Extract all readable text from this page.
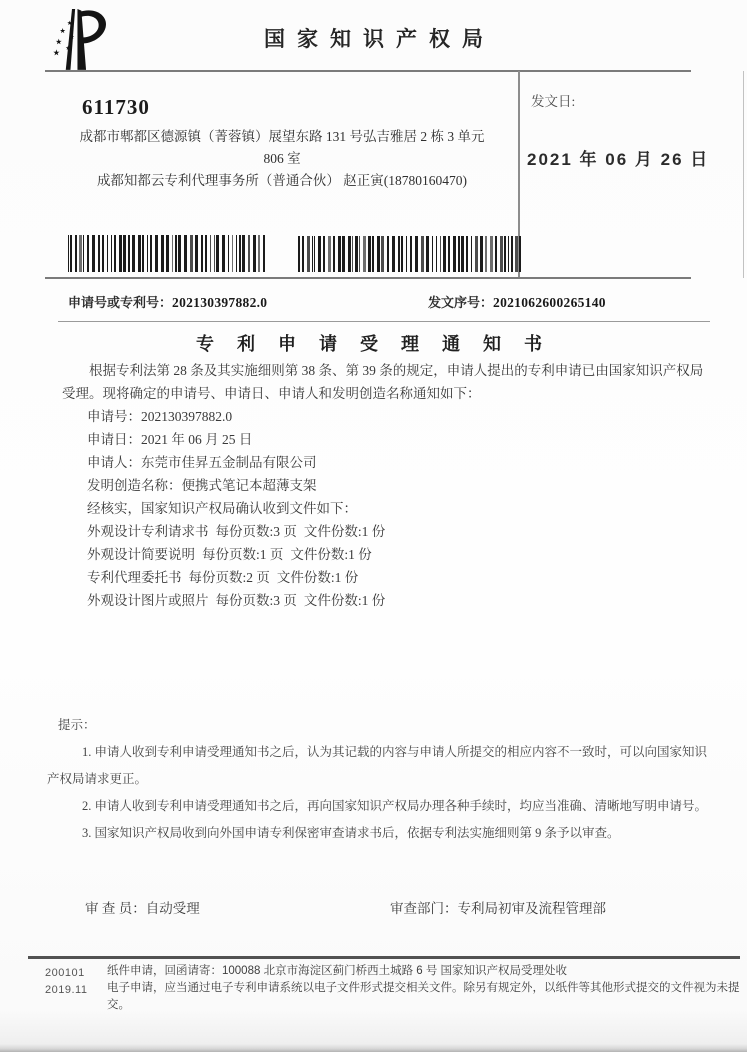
国家知识产权局
611730
成都市郫都区德源镇（菁蓉镇）展望东路 131 号弘吉雅居 2 栋 3 单元
806 室
成都知都云专利代理事务所（普通合伙） 赵正寅(18780160470)
发文日:
2021 年 06 月 26 日
申请号或专利号：202130397882.0	发文序号：2021062600265140
专 利 申 请 受 理 通 知 书

根据专利法第 28 条及其实施细则第 38 条、第 39 条的规定，申请人提出的专利申请已由国家知识产权局受理。现将确定的申请号、申请日、申请人和发明创造名称通知如下：

申请号：202130397882.0
申请日：2021 年 06 月 25 日
申请人：东莞市佳昇五金制品有限公司
发明创造名称：便携式笔记本超薄支架
经核实，国家知识产权局确认收到文件如下：
外观设计专利请求书 每份页数:3 页 文件份数:1 份
外观设计简要说明 每份页数:1 页 文件份数:1 份
专利代理委托书 每份页数:2 页 文件份数:1 份
外观设计图片或照片 每份页数:3 页 文件份数:1 份
提示：

1. 申请人收到专利申请受理通知书之后，认为其记载的内容与申请人所提交的相应内容不一致时，可以向国家知识产权局请求更正。

2. 申请人收到专利申请受理通知书之后，再向国家知识产权局办理各种手续时，均应当准确、清晰地写明申请号。

3. 国家知识产权局收到向外国申请专利保密审查请求书后，依据专利法实施细则第 9 条予以审查。

审 查 员：自动受理	审查部门：专利局初审及流程管理部
200101
2019.11

纸件申请，回函请寄：100088 北京市海淀区蓟门桥西土城路 6 号 国家知识产权局受理处收

电子申请，应当通过电子专利申请系统以电子文件形式提交相关文件。除另有规定外，以纸件等其他形式提交的文件视为未提交。
